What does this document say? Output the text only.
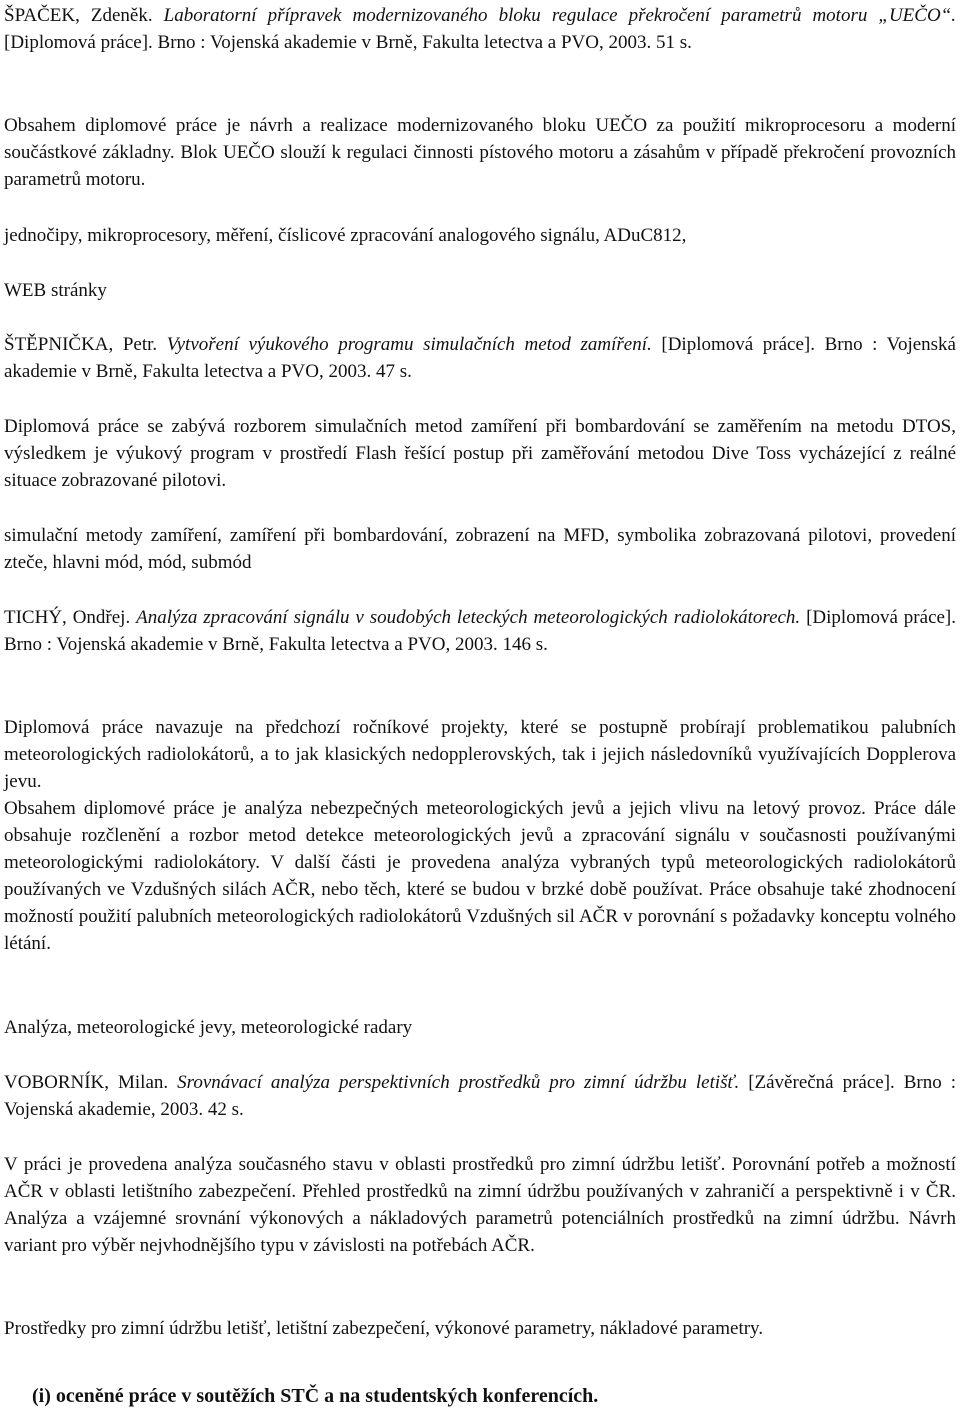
ŠPAČEK, Zdeněk. Laboratorní přípravek modernizovaného bloku regulace překročení parametrů motoru „UEČO“. [Diplomová práce]. Brno : Vojenská akademie v Brně, Fakulta letectva a PVO, 2003. 51 s.
Obsahem diplomové práce je návrh a realizace modernizovaného bloku UEČO za použití mikroprocesoru a moderní součástkové základny. Blok UEČO slouží k regulaci činnosti pístového motoru a zásahům v případě překročení provozních parametrů motoru.
jednočipy, mikroprocesory, měření, číslicové zpracování analogového signálu, ADuC812,
WEB stránky
ŠTĚPNIČKA, Petr. Vytvoření výukového programu simulačních metod zamíření. [Diplomová práce]. Brno : Vojenská akademie v Brně, Fakulta letectva a PVO, 2003. 47 s.
Diplomová práce se zabývá rozborem simulačních metod zamíření při bombardování se zaměřením na metodu DTOS, výsledkem je výukový program v prostředí Flash řešící postup při zaměřování metodou Dive Toss vycházející z reálné situace zobrazované pilotovi.
simulační metody zamíření, zamíření při bombardování, zobrazení na MFD, symbolika zobrazovaná pilotovi, provedení zteče, hlavni mód, mód, submód
TICHÝ, Ondřej. Analýza zpracování signálu v soudobých leteckých meteorologických radiolokátorech. [Diplomová práce]. Brno : Vojenská akademie v Brně, Fakulta letectva a PVO, 2003. 146 s.
Diplomová práce navazuje na předchozí ročníkové projekty, které se postupně probírají problematikou palubních meteorologických radiolokátorů, a to jak klasických nedopplerovských, tak i jejich následovníků využívajících Dopplerova jevu.
Obsahem diplomové práce je analýza nebezpečných meteorologických jevů a jejich vlivu na letový provoz. Práce dále obsahuje rozčlenění a rozbor metod detekce meteorologických jevů a zpracování signálu v současnosti používanými meteorologickými radiolokátory. V další části je provedena analýza vybraných typů meteorologických radiolokátorů používaných ve Vzdušných silách AČR, nebo těch, které se budou v brzké době používat. Práce obsahuje také zhodnocení možností použití palubních meteorologických radiolokátorů Vzdušných sil AČR v porovnání s požadavky konceptu volného létání.
Analýza, meteorologické jevy, meteorologické radary
VOBORNÍK, Milan. Srovnávací analýza perspektivních prostředků pro zimní údržbu letišť. [Závěrečná práce]. Brno : Vojenská akademie, 2003. 42 s.
V práci je provedena analýza současného stavu v oblasti prostředků pro zimní údržbu letišť. Porovnání potřeb a možností AČR v oblasti letištního zabezpečení. Přehled prostředků na zimní údržbu používaných v zahraničí a perspektivně i v ČR. Analýza a vzájemné srovnání výkonových a nákladových parametrů potenciálních prostředků na zimní údržbu. Návrh variant pro výběr nejvhodnějšího typu v závislosti na potřebách AČR.
Prostředky pro zimní údržbu letišť, letištní zabezpečení, výkonové parametry, nákladové parametry.
(i) oceněné práce v soutěžích STČ a na studentských konferencích.
